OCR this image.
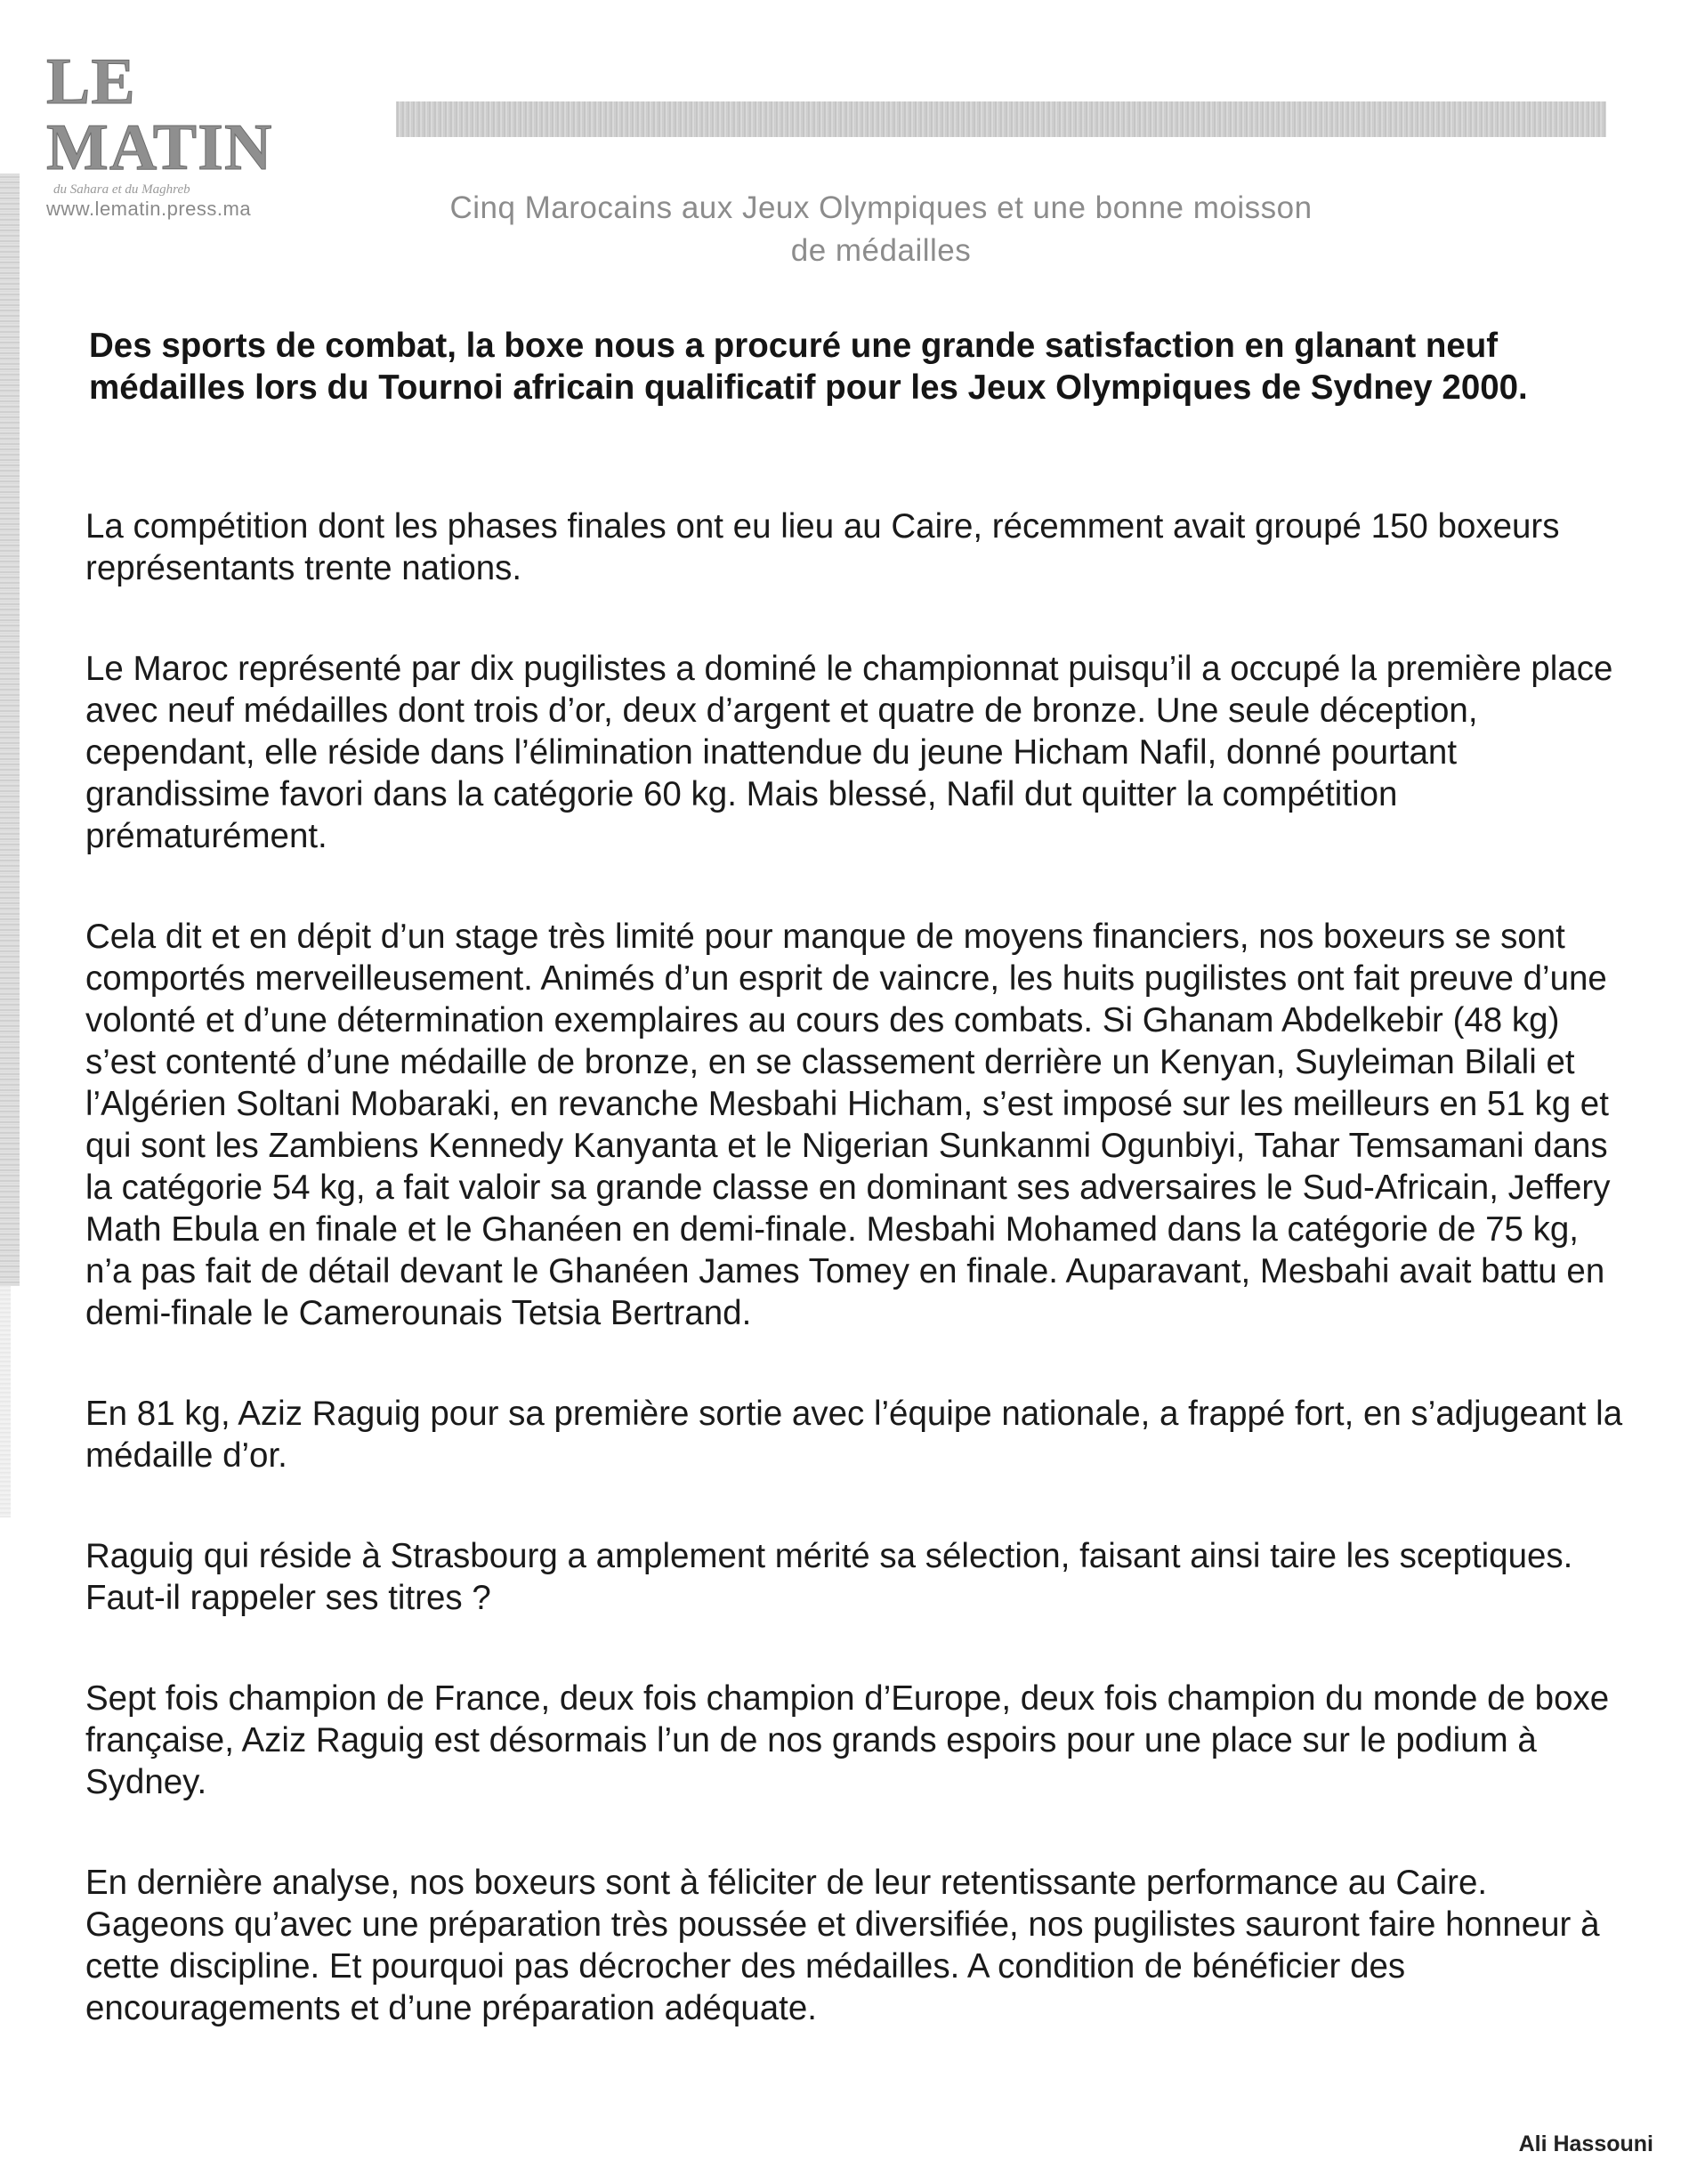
LE MATIN
du Sahara et du Maghreb
www.lematin.press.ma	Cinq Marocains aux Jeux Olympiques et une bonne moisson
de médailles
Des sports de combat, la boxe nous a procuré une grande satisfaction en glanant neuf médailles lors du Tournoi africain qualificatif pour les Jeux Olympiques de Sydney 2000.

La compétition dont les phases finales ont eu lieu au Caire, récemment avait groupé 150 boxeurs représentants trente nations.

Le Maroc représenté par dix pugilistes a dominé le championnat puisqu’il a occupé la première place avec neuf médailles dont trois d’or, deux d’argent et quatre de bronze. Une seule déception, cependant, elle réside dans l’élimination inattendue du jeune Hicham Nafil, donné pourtant grandissime favori dans la catégorie 60 kg. Mais blessé, Nafil dut quitter la compétition prématurément.

Cela dit et en dépit d’un stage très limité pour manque de moyens financiers, nos boxeurs se sont comportés merveilleusement. Animés d’un esprit de vaincre, les huits pugilistes ont fait preuve d’une volonté et d’une détermination exemplaires au cours des combats. Si Ghanam Abdelkebir (48 kg) s’est contenté d’une médaille de bronze, en se classement derrière un Kenyan, Suyleiman Bilali et l’Algérien Soltani Mobaraki, en revanche Mesbahi Hicham, s’est imposé sur les meilleurs en 51 kg et qui sont les Zambiens Kennedy Kanyanta et le Nigerian Sunkanmi Ogunbiyi, Tahar Temsamani dans la catégorie 54 kg, a fait valoir sa grande classe en dominant ses adversaires le Sud-Africain, Jeffery Math Ebula en finale et le Ghanéen en demi-finale. Mesbahi Mohamed dans la catégorie de 75 kg, n’a pas fait de détail devant le Ghanéen James Tomey en finale. Auparavant, Mesbahi avait battu en demi-finale le Camerounais Tetsia Bertrand.

En 81 kg, Aziz Raguig pour sa première sortie avec l’équipe nationale, a frappé fort, en s’adjugeant la médaille d’or.

Raguig qui réside à Strasbourg a amplement mérité sa sélection, faisant ainsi taire les sceptiques. Faut-il rappeler ses titres ?

Sept fois champion de France, deux fois champion d’Europe, deux fois champion du monde de boxe française, Aziz Raguig est désormais l’un de nos grands espoirs pour une place sur le podium à Sydney.

En dernière analyse, nos boxeurs sont à féliciter de leur retentissante performance au Caire. Gageons qu’avec une préparation très poussée et diversifiée, nos pugilistes sauront faire honneur à cette discipline. Et pourquoi pas décrocher des médailles. A condition de bénéficier des encouragements et d’une préparation adéquate.

Ali Hassouni
